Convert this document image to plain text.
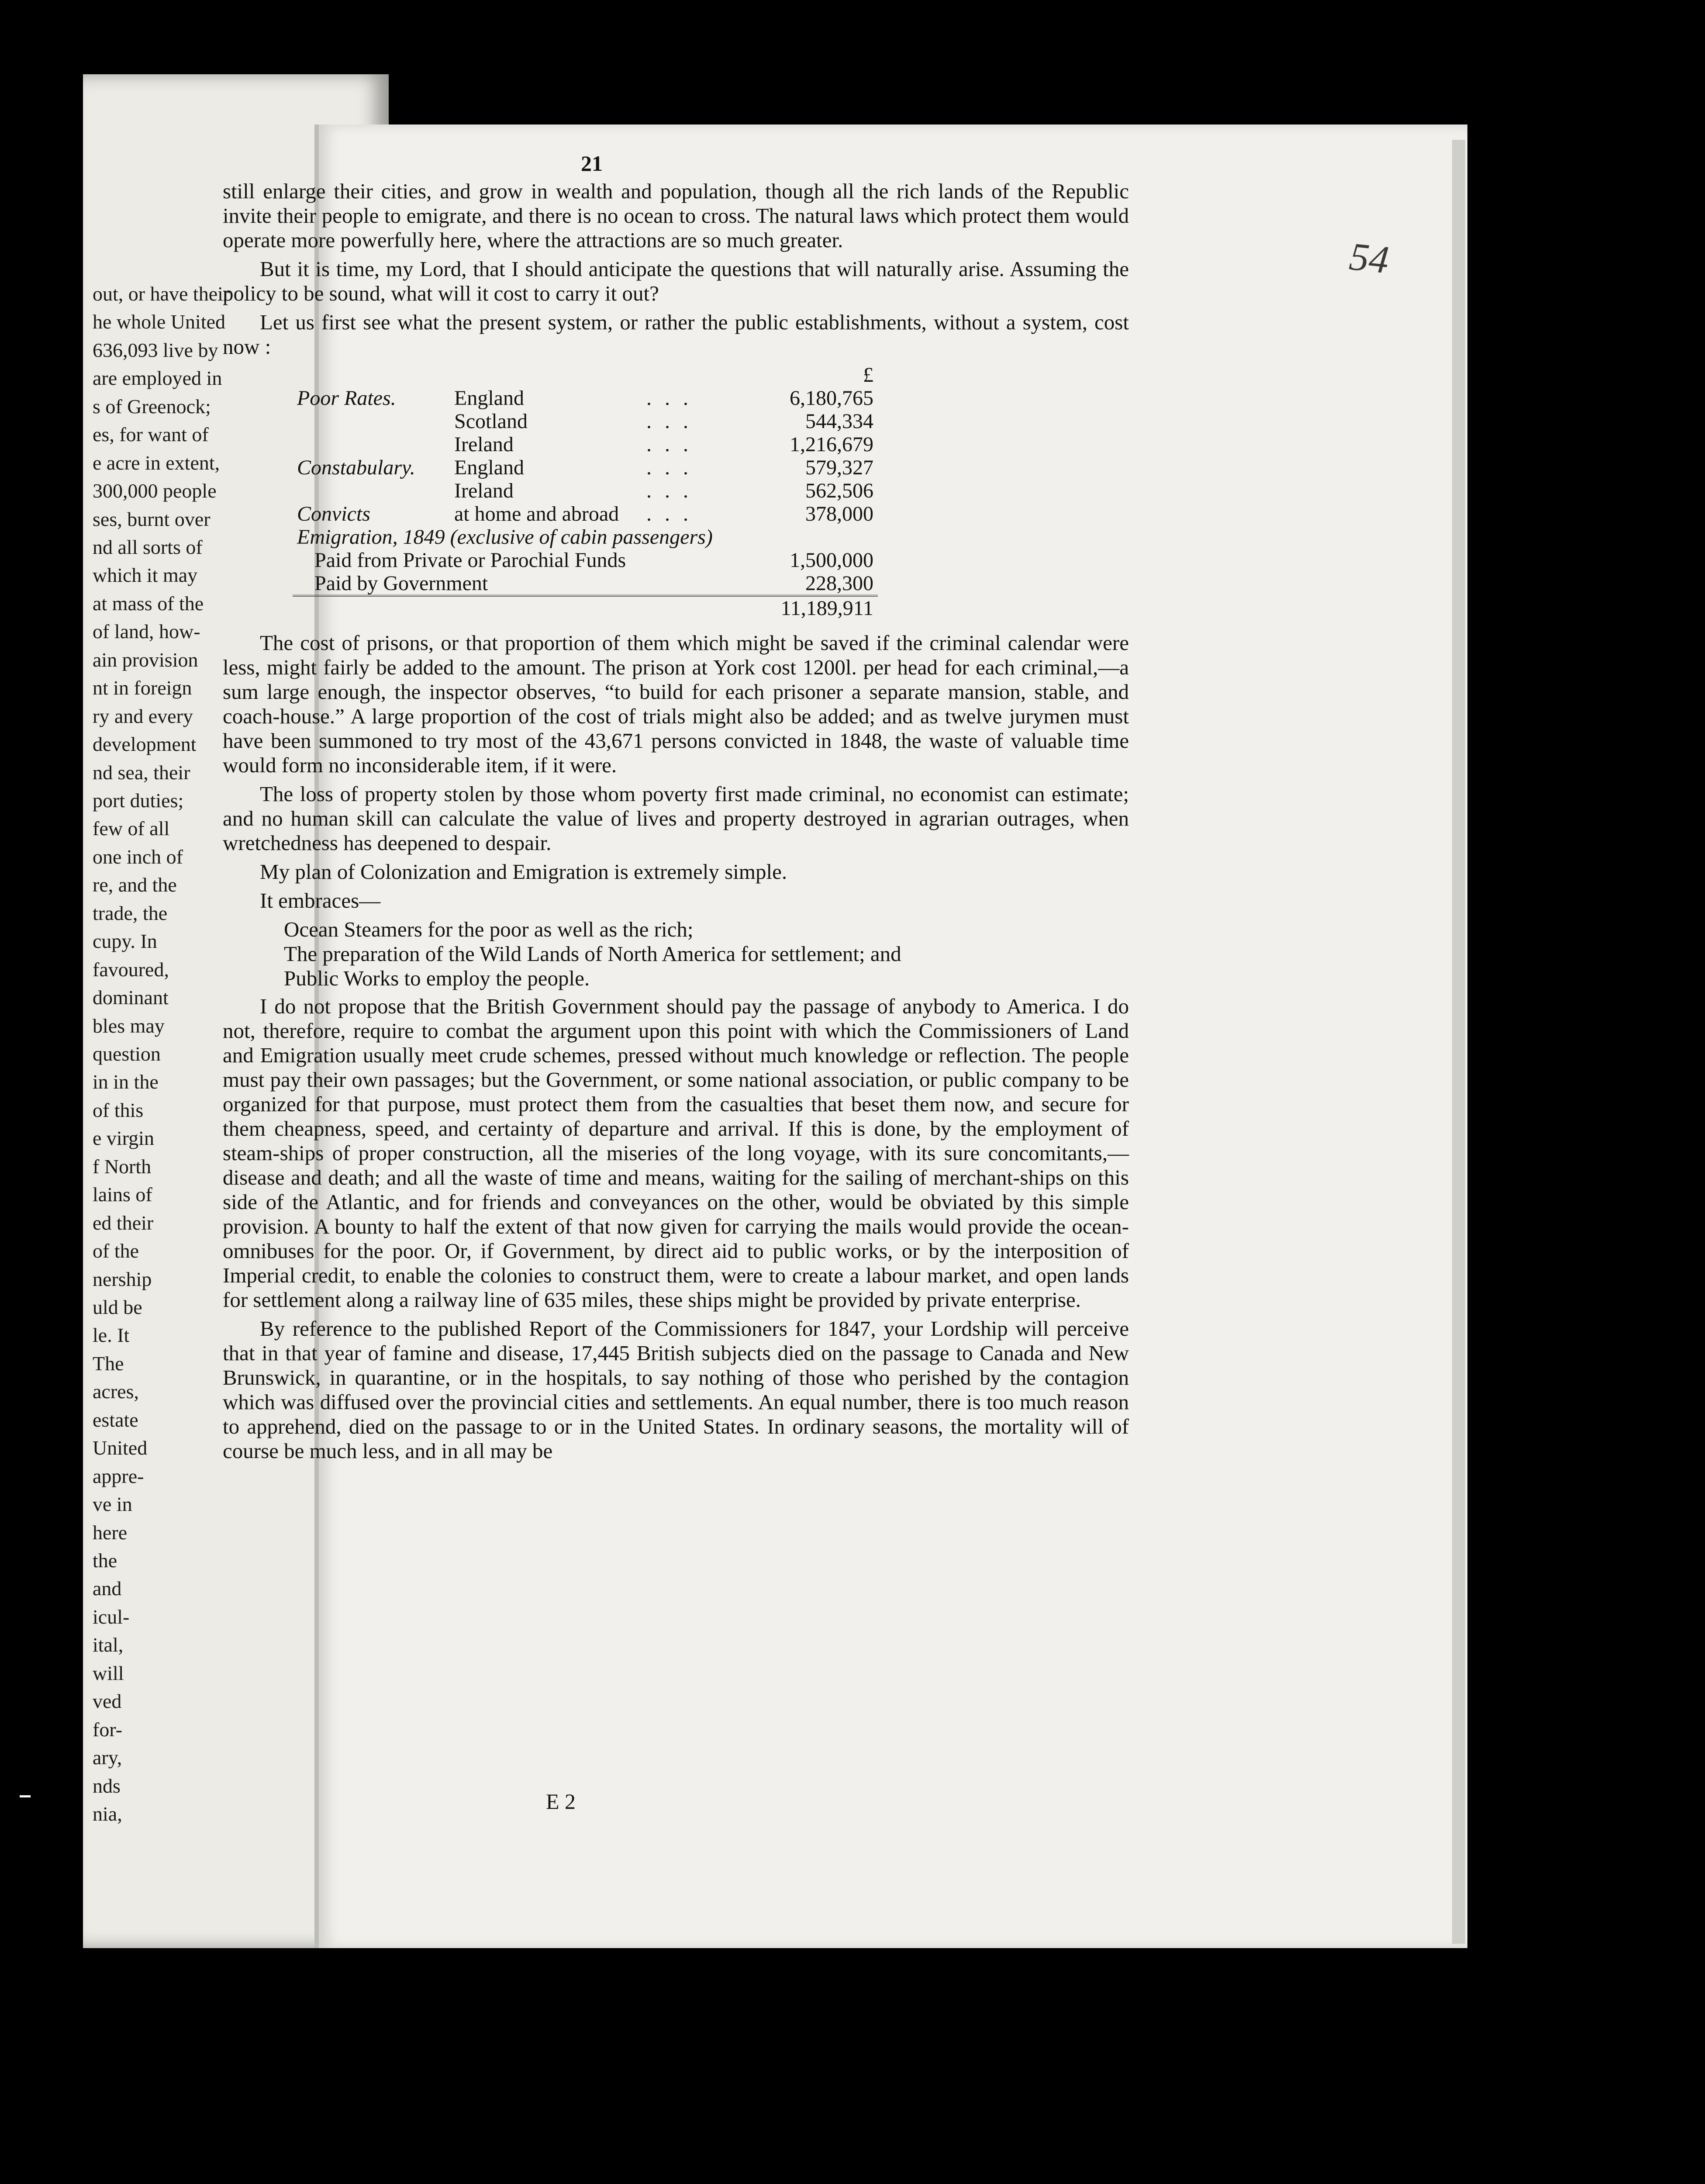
out, or have their
he whole United
636,093 live by
are employed in
s of Greenock;
es, for want of
e acre in extent,
300,000 people
ses, burnt over
nd all sorts of
which it may
at mass of the
of land, how-
ain provision
nt in foreign
ry and every
development
nd sea, their
port duties;
few of all
one inch of
re, and the
trade, the
cupy. In
favoured,
dominant
bles may
question
in in the
of this
e virgin
f North
lains of
ed their
of the
nership
uld be
le. It
The
acres,
estate
United
appre-
ve in
here
the
and
icul-
ital,
will
ved
for-
ary,
nds
nia,
54
21

still enlarge their cities, and grow in wealth and population, though all the rich lands of the Republic invite their people to emigrate, and there is no ocean to cross. The natural laws which protect them would operate more powerfully here, where the attractions are so much greater.

But it is time, my Lord, that I should anticipate the questions that will naturally arise. Assuming the policy to be sound, what will it cost to carry it out?

Let us first see what the present system, or rather the public establishments, without a system, cost now :

			£
Poor Rates.	England	...	6,180,765
	Scotland	...	544,334
	Ireland	...	1,216,679
Constabulary.	England	...	579,327
	Ireland	...	562,506
Convicts	at home and abroad	...	378,000
Emigration, 1849 (exclusive of cabin passengers)			
Paid from Private or Parochial Funds			1,500,000
Paid by Government			228,300
			11,189,911

The cost of prisons, or that proportion of them which might be saved if the criminal calendar were less, might fairly be added to the amount. The prison at York cost 1200l. per head for each criminal,—a sum large enough, the inspector observes, “to build for each prisoner a separate mansion, stable, and coach-house.” A large proportion of the cost of trials might also be added; and as twelve jurymen must have been summoned to try most of the 43,671 persons convicted in 1848, the waste of valuable time would form no inconsiderable item, if it were.

The loss of property stolen by those whom poverty first made criminal, no economist can estimate; and no human skill can calculate the value of lives and property destroyed in agrarian outrages, when wretchedness has deepened to despair.

My plan of Colonization and Emigration is extremely simple.

It embraces—

Ocean Steamers for the poor as well as the rich;
The preparation of the Wild Lands of North America for settlement; and
Public Works to employ the people.

I do not propose that the British Government should pay the passage of anybody to America. I do not, therefore, require to combat the argument upon this point with which the Commissioners of Land and Emigration usually meet crude schemes, pressed without much knowledge or reflection. The people must pay their own passages; but the Government, or some national association, or public company to be organized for that purpose, must protect them from the casualties that beset them now, and secure for them cheapness, speed, and certainty of departure and arrival. If this is done, by the employment of steam-ships of proper construction, all the miseries of the long voyage, with its sure concomitants,—disease and death; and all the waste of time and means, waiting for the sailing of merchant-ships on this side of the Atlantic, and for friends and conveyances on the other, would be obviated by this simple provision. A bounty to half the extent of that now given for carrying the mails would provide the ocean-omnibuses for the poor. Or, if Government, by direct aid to public works, or by the interposition of Imperial credit, to enable the colonies to construct them, were to create a labour market, and open lands for settlement along a railway line of 635 miles, these ships might be provided by private enterprise.

By reference to the published Report of the Commissioners for 1847, your Lordship will perceive that in that year of famine and disease, 17,445 British subjects died on the passage to Canada and New Brunswick, in quarantine, or in the hospitals, to say nothing of those who perished by the contagion which was diffused over the provincial cities and settlements. An equal number, there is too much reason to apprehend, died on the passage to or in the United States. In ordinary seasons, the mortality will of course be much less, and in all may be

E 2
